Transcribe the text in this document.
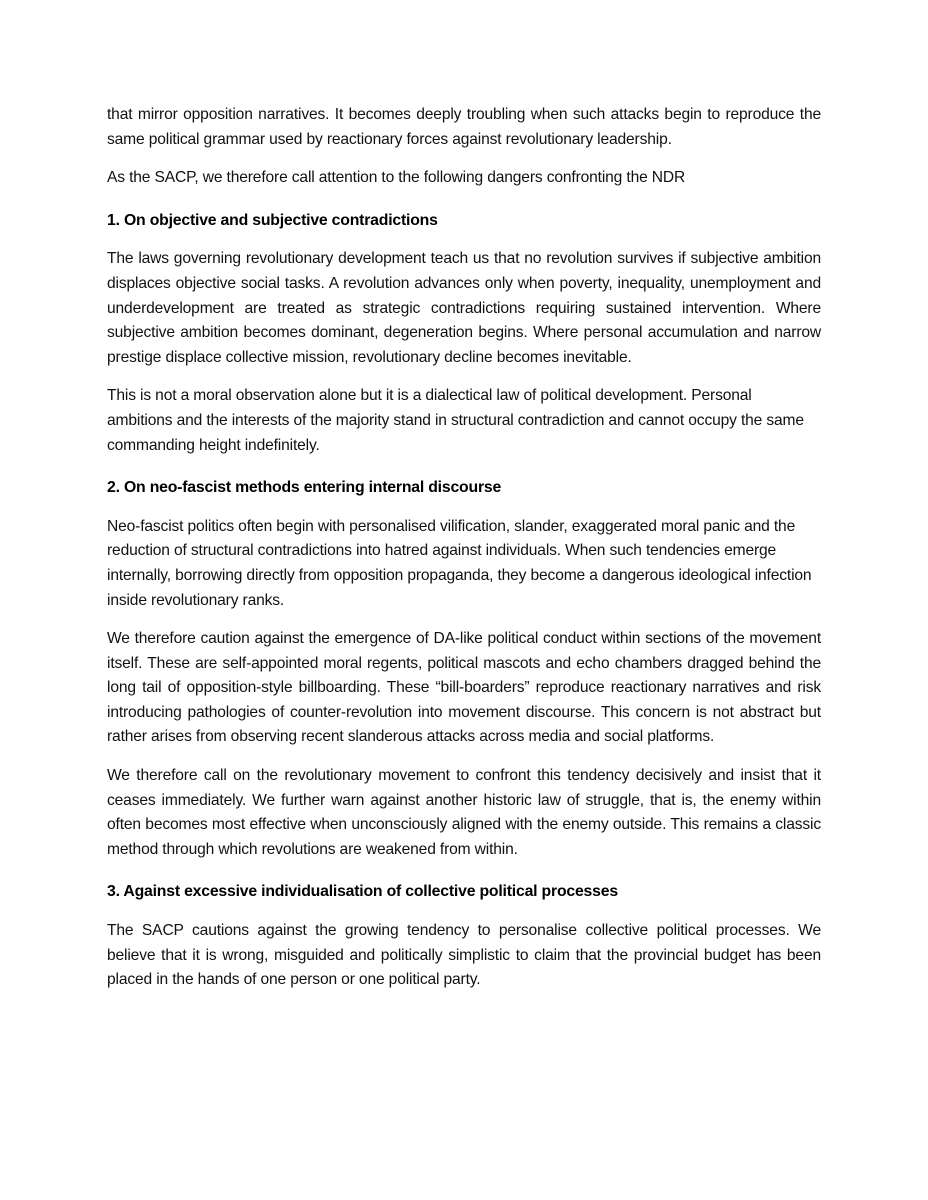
that mirror opposition narratives. It becomes deeply troubling when such attacks begin to reproduce the same political grammar used by reactionary forces against revolutionary leadership.

As the SACP, we therefore call attention to the following dangers confronting the NDR

1. On objective and subjective contradictions

The laws governing revolutionary development teach us that no revolution survives if subjective ambition displaces objective social tasks. A revolution advances only when poverty, inequality, unemployment and underdevelopment are treated as strategic contradictions requiring sustained intervention. Where subjective ambition becomes dominant, degeneration begins. Where personal accumulation and narrow prestige displace collective mission, revolutionary decline becomes inevitable.

This is not a moral observation alone but it is a dialectical law of political development. Personal ambitions and the interests of the majority stand in structural contradiction and cannot occupy the same commanding height indefinitely.

2. On neo-fascist methods entering internal discourse

Neo-fascist politics often begin with personalised vilification, slander, exaggerated moral panic and the reduction of structural contradictions into hatred against individuals. When such tendencies emerge internally, borrowing directly from opposition propaganda, they become a dangerous ideological infection inside revolutionary ranks.

We therefore caution against the emergence of DA-like political conduct within sections of the movement itself. These are self-appointed moral regents, political mascots and echo chambers dragged behind the long tail of opposition-style billboarding. These “bill-boarders” reproduce reactionary narratives and risk introducing pathologies of counter-revolution into movement discourse. This concern is not abstract but rather arises from observing recent slanderous attacks across media and social platforms.

We therefore call on the revolutionary movement to confront this tendency decisively and insist that it ceases immediately. We further warn against another historic law of struggle, that is, the enemy within often becomes most effective when unconsciously aligned with the enemy outside. This remains a classic method through which revolutions are weakened from within.

3. Against excessive individualisation of collective political processes

The SACP cautions against the growing tendency to personalise collective political processes. We believe that it is wrong, misguided and politically simplistic to claim that the provincial budget has been placed in the hands of one person or one political party.
